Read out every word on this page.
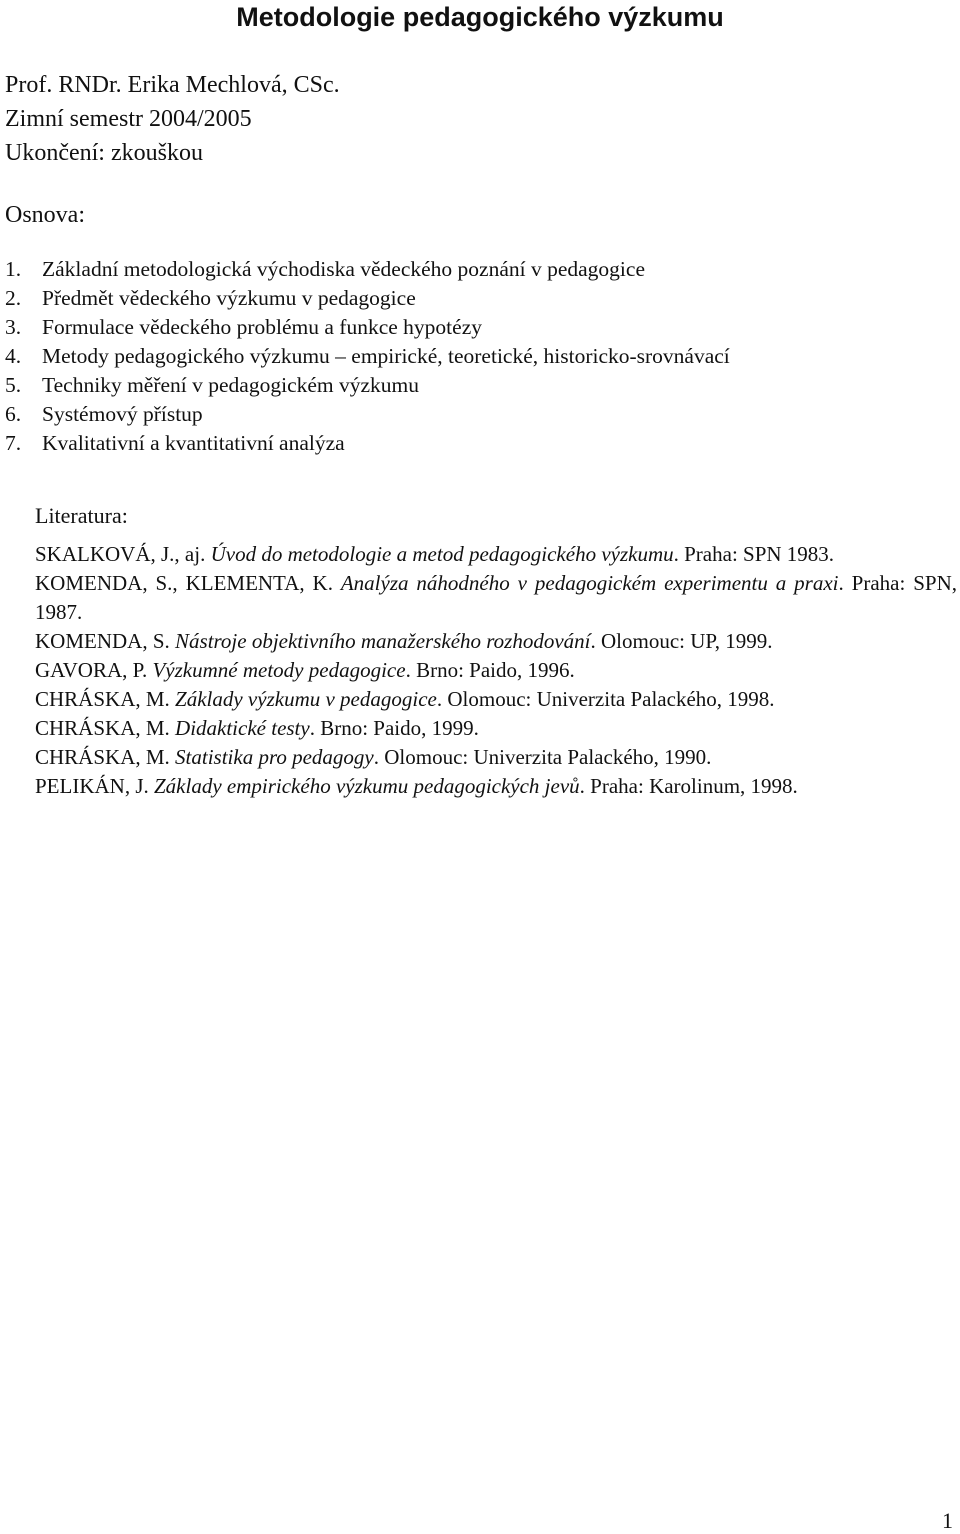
Metodologie pedagogického výzkumu
Prof. RNDr. Erika Mechlová, CSc.
Zimní semestr 2004/2005
Ukončení: zkouškou
Osnova:
1. Základní metodologická východiska vědeckého poznání v pedagogice
2. Předmět vědeckého výzkumu v pedagogice
3. Formulace vědeckého problému a funkce hypotézy
4. Metody pedagogického výzkumu – empirické, teoretické, historicko-srovnávací
5. Techniky měření v pedagogickém výzkumu
6. Systémový přístup
7. Kvalitativní a kvantitativní analýza
Literatura:

SKALKOVÁ, J., aj. Úvod do metodologie a metod pedagogického výzkumu. Praha: SPN 1983.

KOMENDA, S., KLEMENTA, K. Analýza náhodného v pedagogickém experimentu a praxi. Praha: SPN, 1987.

KOMENDA, S. Nástroje objektivního manažerského rozhodování. Olomouc: UP, 1999.

GAVORA, P. Výzkumné metody pedagogice. Brno: Paido, 1996.

CHRÁSKA, M. Základy výzkumu v pedagogice. Olomouc: Univerzita Palackého, 1998.

CHRÁSKA, M. Didaktické testy. Brno: Paido, 1999.

CHRÁSKA, M. Statistika pro pedagogy. Olomouc: Univerzita Palackého, 1990.

PELIKÁN, J. Základy empirického výzkumu pedagogických jevů. Praha: Karolinum, 1998.

1
